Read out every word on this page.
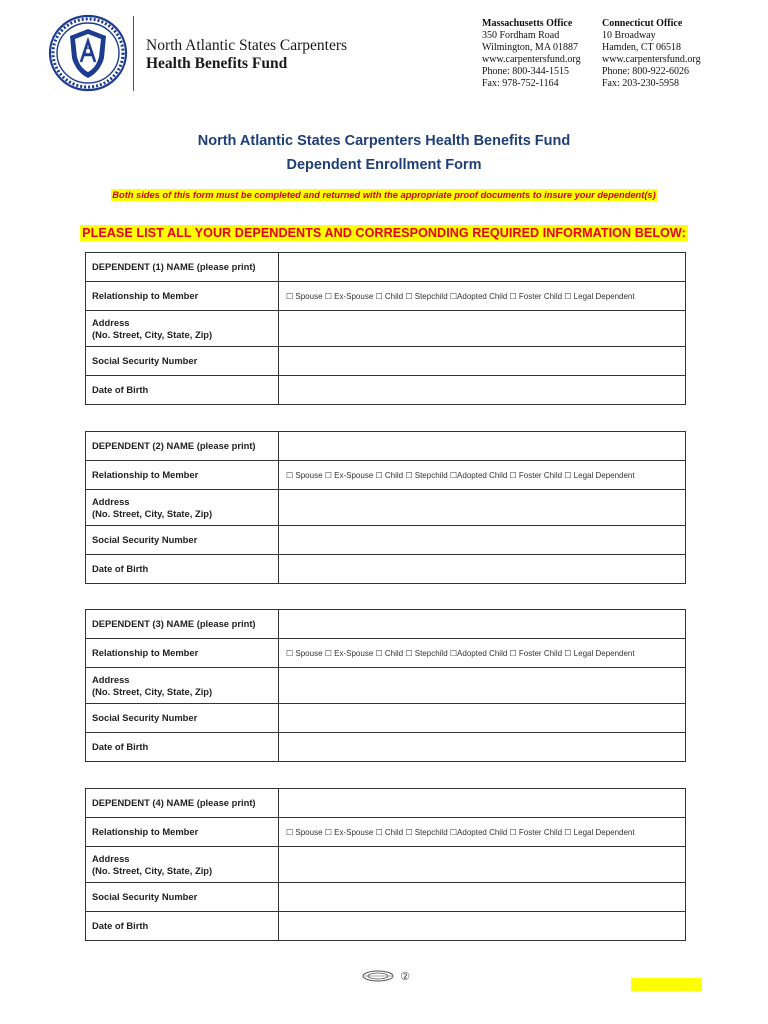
North Atlantic States Carpenters
Health Benefits Fund
Massachusetts Office
350 Fordham Road
Wilmington, MA 01887
www.carpentersfund.org
Phone: 800-344-1515
Fax: 978-752-1164
Connecticut Office
10 Broadway
Hamden, CT 06518
www.carpentersfund.org
Phone: 800-922-6026
Fax: 203-230-5958
North Atlantic States Carpenters Health Benefits Fund
Dependent Enrollment Form
Both sides of this form must be completed and returned with the appropriate proof documents to insure your dependent(s)
PLEASE LIST ALL YOUR DEPENDENTS AND CORRESPONDING REQUIRED INFORMATION BELOW:
DEPENDENT (1) NAME (please print)	
Relationship to Member	☐ Spouse ☐ Ex-Spouse ☐ Child ☐ Stepchild ☐Adopted Child ☐ Foster Child ☐ Legal Dependent

Address
(No. Street, City, State, Zip)	

Social Security Number	
Date of Birth	
DEPENDENT (2) NAME (please print)	
Relationship to Member	☐ Spouse ☐ Ex-Spouse ☐ Child ☐ Stepchild ☐Adopted Child ☐ Foster Child ☐ Legal Dependent

Address
(No. Street, City, State, Zip)	

Social Security Number	
Date of Birth	
DEPENDENT (3) NAME (please print)	
Relationship to Member	☐ Spouse ☐ Ex-Spouse ☐ Child ☐ Stepchild ☐Adopted Child ☐ Foster Child ☐ Legal Dependent

Address
(No. Street, City, State, Zip)	

Social Security Number	
Date of Birth	
DEPENDENT (4) NAME (please print)	
Relationship to Member	☐ Spouse ☐ Ex-Spouse ☐ Child ☐ Stepchild ☐Adopted Child ☐ Foster Child ☐ Legal Dependent

Address
(No. Street, City, State, Zip)	

Social Security Number	
Date of Birth	
②
